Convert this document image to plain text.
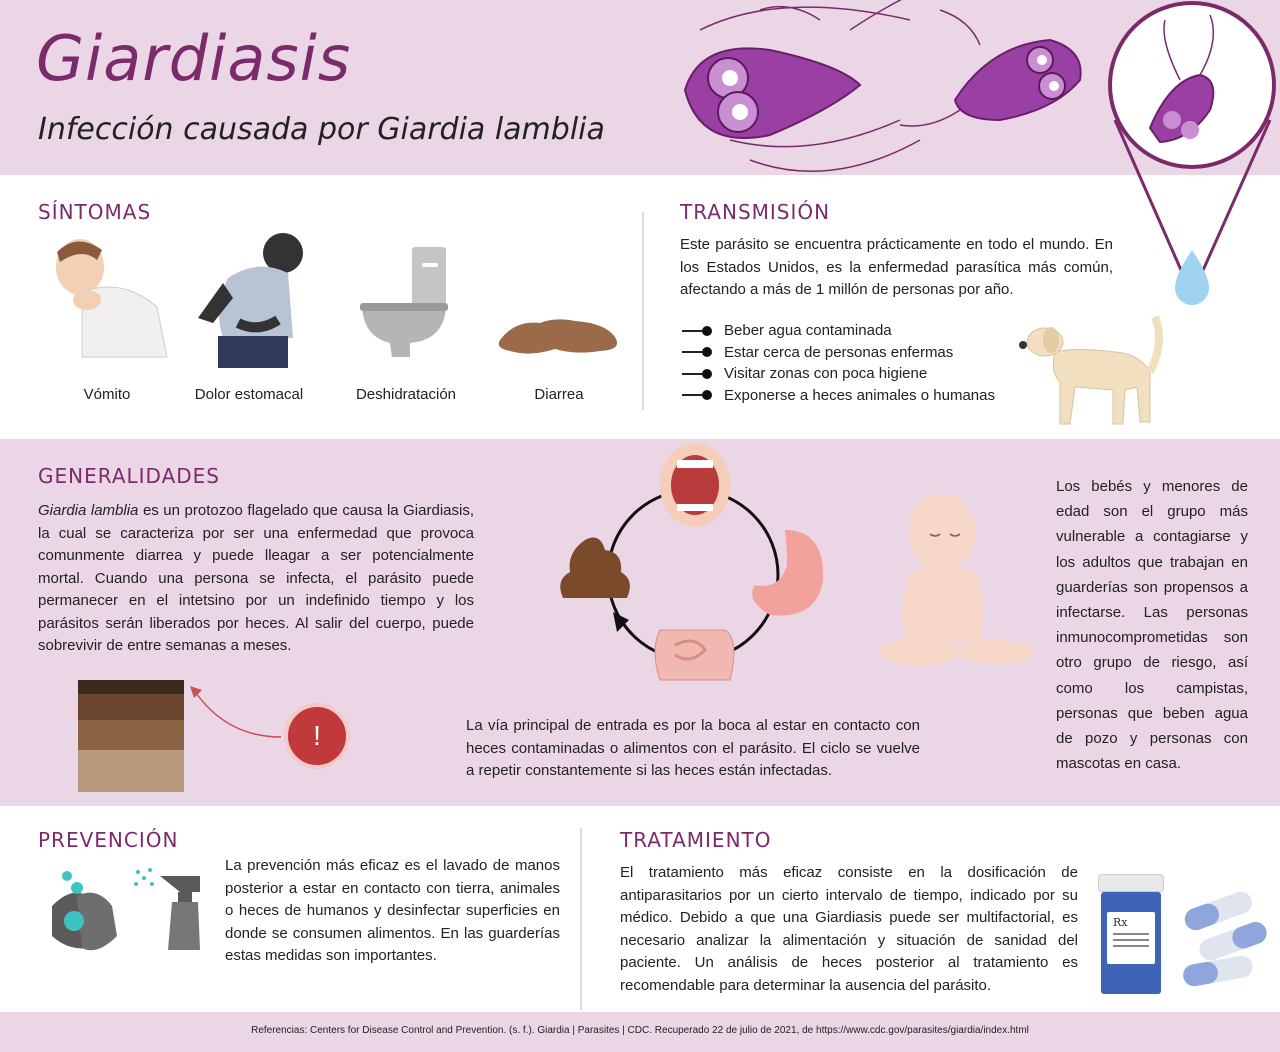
Giardiasis
Infección causada por Giardia lamblia
SÍNTOMAS
Vómito	Dolor estomacal	Deshidratación	Diarrea
TRANSMISIÓN
Este parásito se encuentra prácticamente en todo el mundo. En los Estados Unidos, es la enfermedad parasítica más común, afectando a más de 1 millón de personas por año.
Beber agua contaminada
Estar cerca de personas enfermas
Visitar zonas con poca higiene
Exponerse a heces animales o humanas
GENERALIDADES
Giardia lamblia es un protozoo flagelado que causa la Giardiasis, la cual se caracteriza por ser una enfermedad que provoca comunmente diarrea y puede lleagar a ser potencialmente mortal. Cuando una persona se infecta, el parásito puede permanecer en el intetsino por un indefinido tiempo y los parásitos serán liberados por heces. Al salir del cuerpo, puede sobrevivir de entre semanas a meses.
!	La vía principal de entrada es por la boca al estar en contacto con heces contaminadas o alimentos con el parásito. El ciclo se vuelve a repetir constantemente si las heces están infectadas.
Los bebés y menores de edad son el grupo más vulnerable a contagiarse y los adultos que trabajan en guarderías son propensos a infectarse. Las personas inmunocomprometidas son otro grupo de riesgo, así como los campistas, personas que beben agua de pozo y personas con mascotas en casa.
PREVENCIÓN
La prevención más eficaz es el lavado de manos posterior a estar en contacto con tierra, animales o heces de humanos y desinfectar superficies en donde se consumen alimentos. En las guarderías estas medidas son importantes.
TRATAMIENTO
El tratamiento más eficaz consiste en la dosificación de antiparasitarios por un cierto intervalo de tiempo, indicado por su médico. Debido a que una Giardiasis puede ser multifactorial, es necesario analizar la alimentación y situación de sanidad del paciente. Un análisis de heces posterior al tratamiento es recomendable para determinar la ausencia del parásito.
Rx
Referencias: Centers for Disease Control and Prevention. (s. f.). Giardia | Parasites | CDC. Recuperado 22 de julio de 2021, de https://www.cdc.gov/parasites/giardia/index.html
